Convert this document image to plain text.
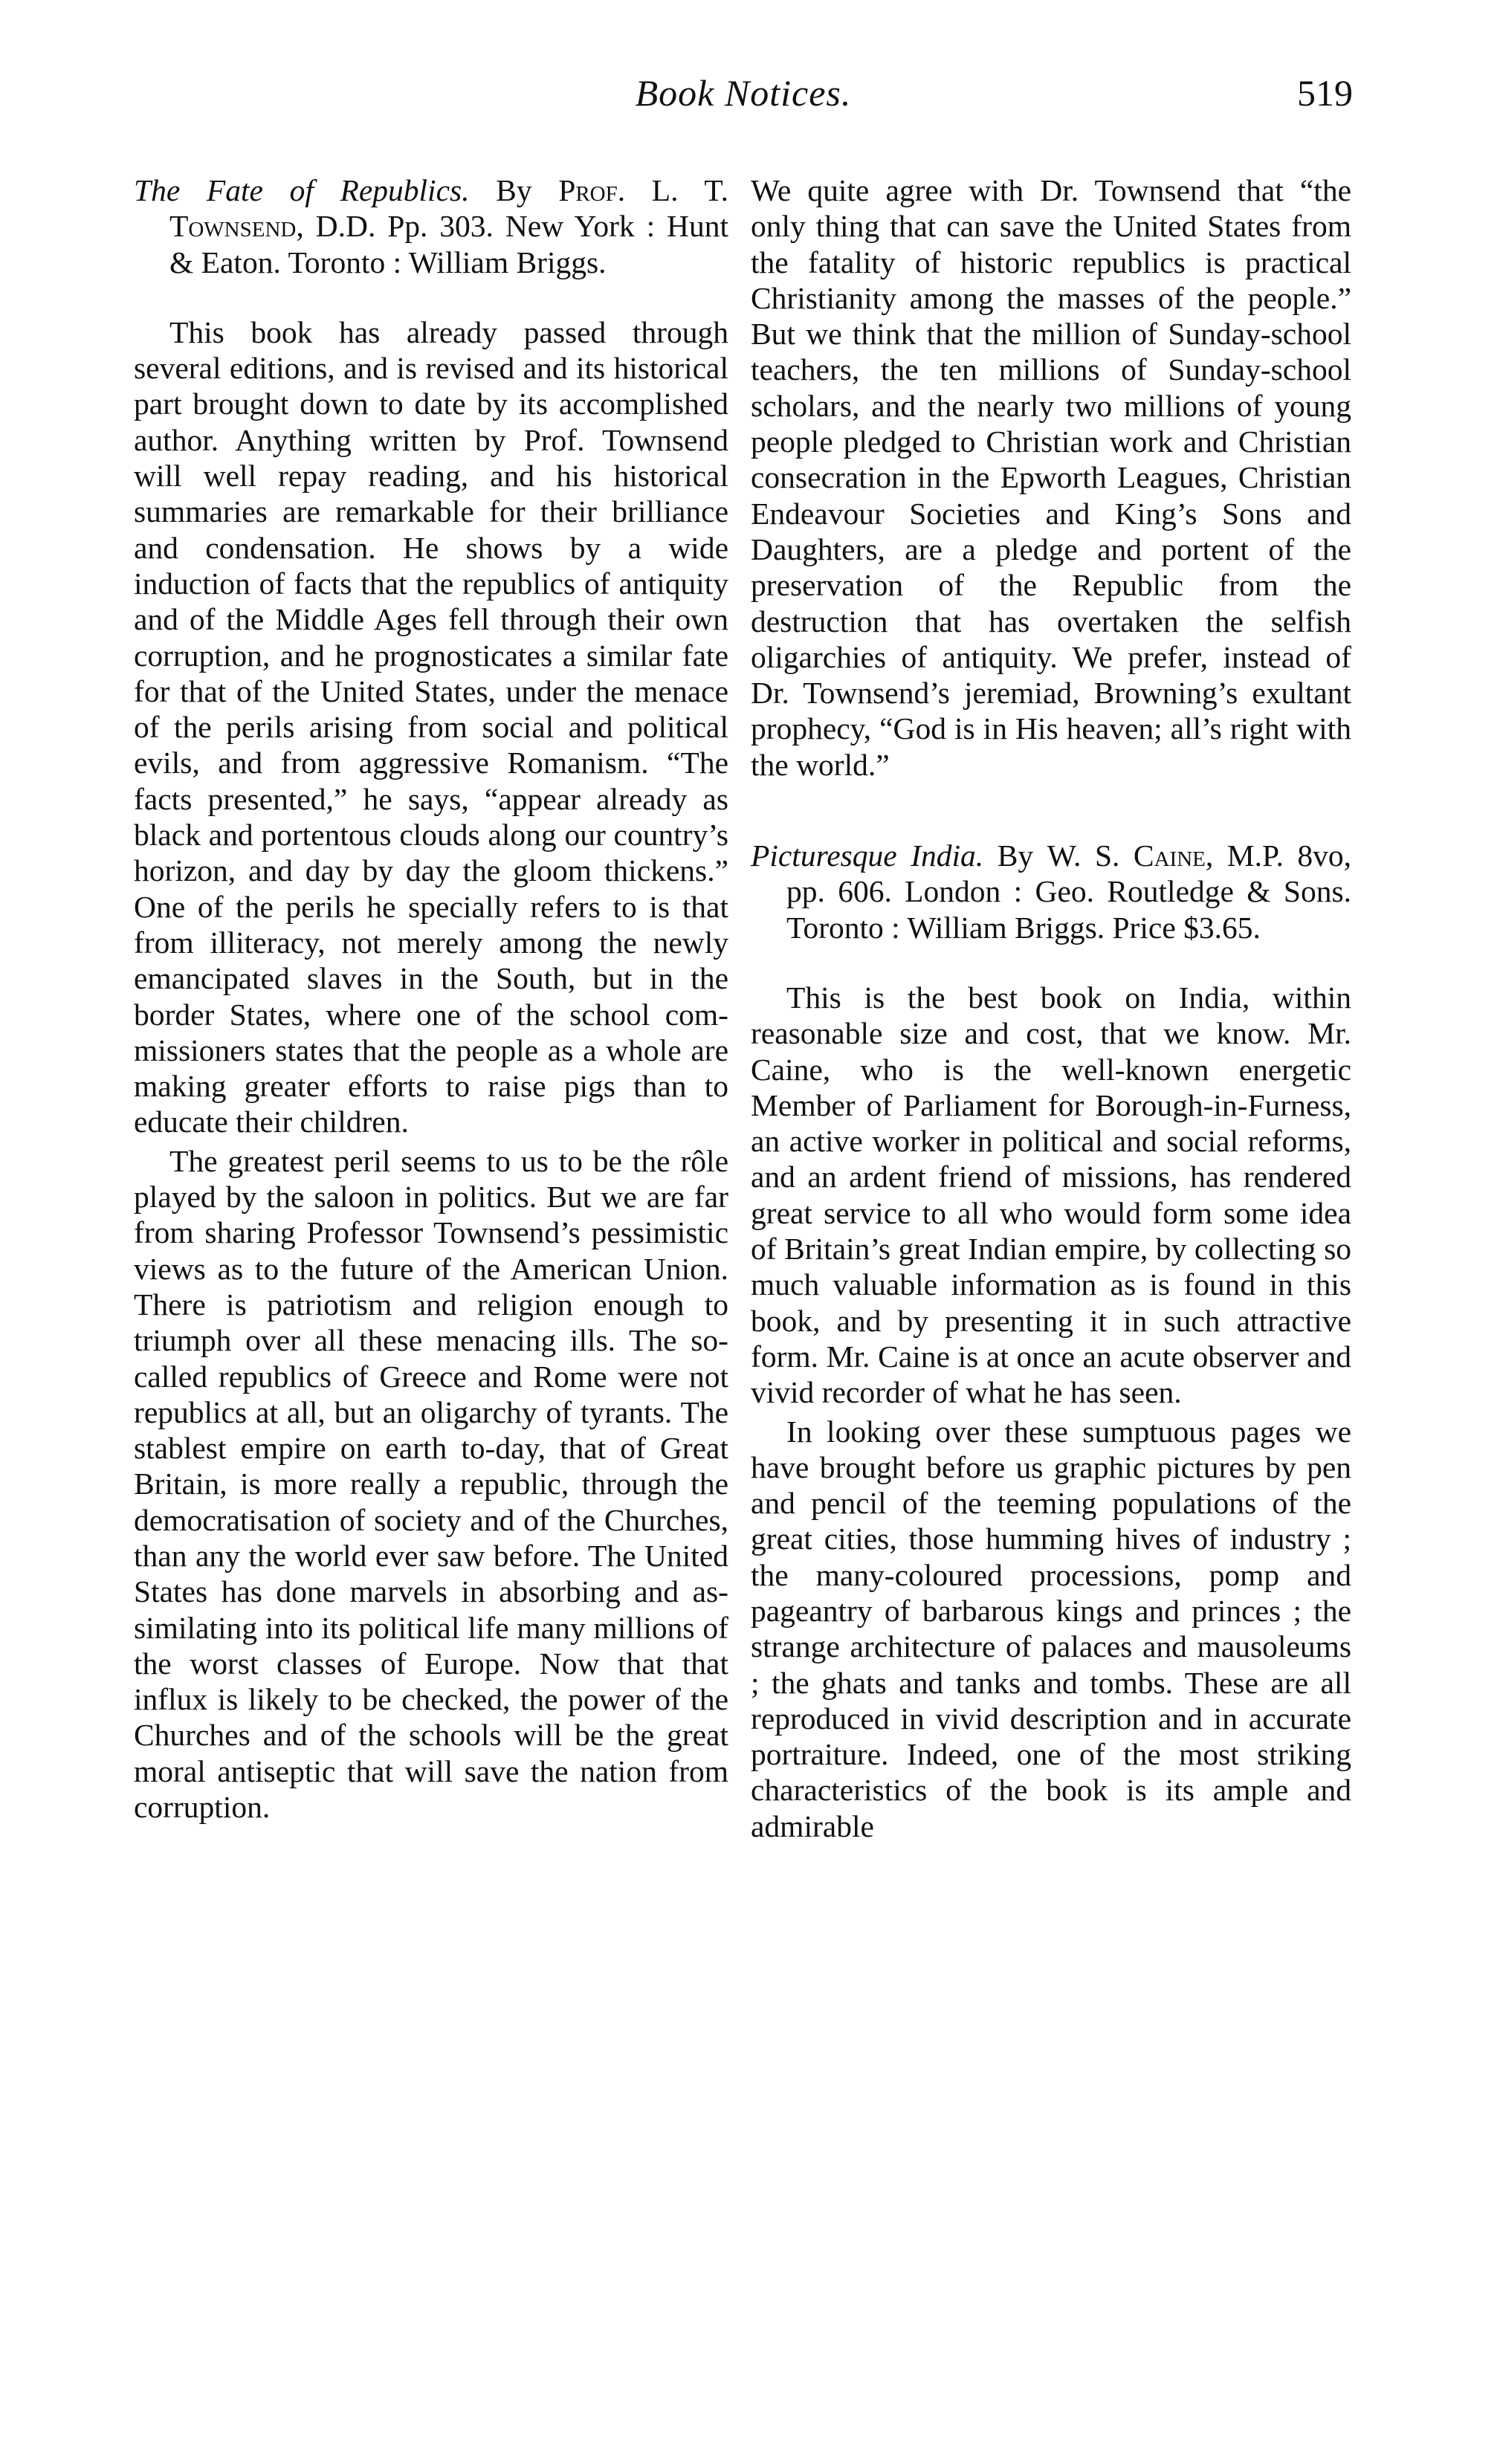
Book Notices.	519

The Fate of Republics. By Prof. L. T. Townsend, D.D. Pp. 303. New York : Hunt & Eaton. Toronto : William Briggs.

This book has already passed through several editions, and is revised and its historical part brought down to date by its accomplished author. Anything written by Prof. Townsend will well repay reading, and his historical summaries are remarkable for their brilliance and condensation. He shows by a wide induction of facts that the republics of antiquity and of the Middle Ages fell through their own corruption, and he prognosticates a similar fate for that of the United States, under the menace of the perils arising from social and political evils, and from aggressive Romanism. “The facts presented,” he says, “appear already as black and portentous clouds along our country’s horizon, and day by day the gloom thickens.” One of the perils he specially refers to is that from illiteracy, not merely among the newly emancipated slaves in the South, but in the border States, where one of the school commissioners states that the people as a whole are making greater efforts to raise pigs than to educate their children.

The greatest peril seems to us to be the rôle played by the saloon in politics. But we are far from sharing Professor Townsend’s pessimistic views as to the future of the American Union. There is patriotism and religion enough to triumph over all these menacing ills. The so-called republics of Greece and Rome were not republics at all, but an oligarchy of tyrants. The stablest empire on earth to-day, that of Great Britain, is more really a republic, through the democratisation of society and of the Churches, than any the world ever saw before. The United States has done marvels in absorbing and assimilating into its political life many millions of the worst classes of Europe. Now that that influx is likely to be checked, the power of the Churches and of the schools will be the great moral antiseptic that will save the nation from corruption.

We quite agree with Dr. Townsend that “the only thing that can save the United States from the fatality of historic republics is practical Christianity among the masses of the people.” But we think that the million of Sunday-school teachers, the ten millions of Sunday-school scholars, and the nearly two millions of young people pledged to Christian work and Christian consecration in the Epworth Leagues, Christian Endeavour Societies and King’s Sons and Daughters, are a pledge and portent of the preservation of the Republic from the destruction that has overtaken the selfish oligarchies of antiquity. We prefer, instead of Dr. Townsend’s jeremiad, Browning’s exultant prophecy, “God is in His heaven; all’s right with the world.”

Picturesque India. By W. S. Caine, M.P. 8vo, pp. 606. London : Geo. Routledge & Sons. Toronto : William Briggs. Price $3.65.

This is the best book on India, within reasonable size and cost, that we know. Mr. Caine, who is the well-known energetic Member of Parliament for Borough-in-Furness, an active worker in political and social reforms, and an ardent friend of missions, has rendered great service to all who would form some idea of Britain’s great Indian empire, by collecting so much valuable information as is found in this book, and by presenting it in such attractive form. Mr. Caine is at once an acute observer and vivid recorder of what he has seen.

In looking over these sumptuous pages we have brought before us graphic pictures by pen and pencil of the teeming populations of the great cities, those humming hives of industry ; the many-coloured processions, pomp and pageantry of barbarous kings and princes ; the strange architecture of palaces and mausoleums ; the ghats and tanks and tombs. These are all reproduced in vivid description and in accurate portraiture. Indeed, one of the most striking characteristics of the book is its ample and admirable
